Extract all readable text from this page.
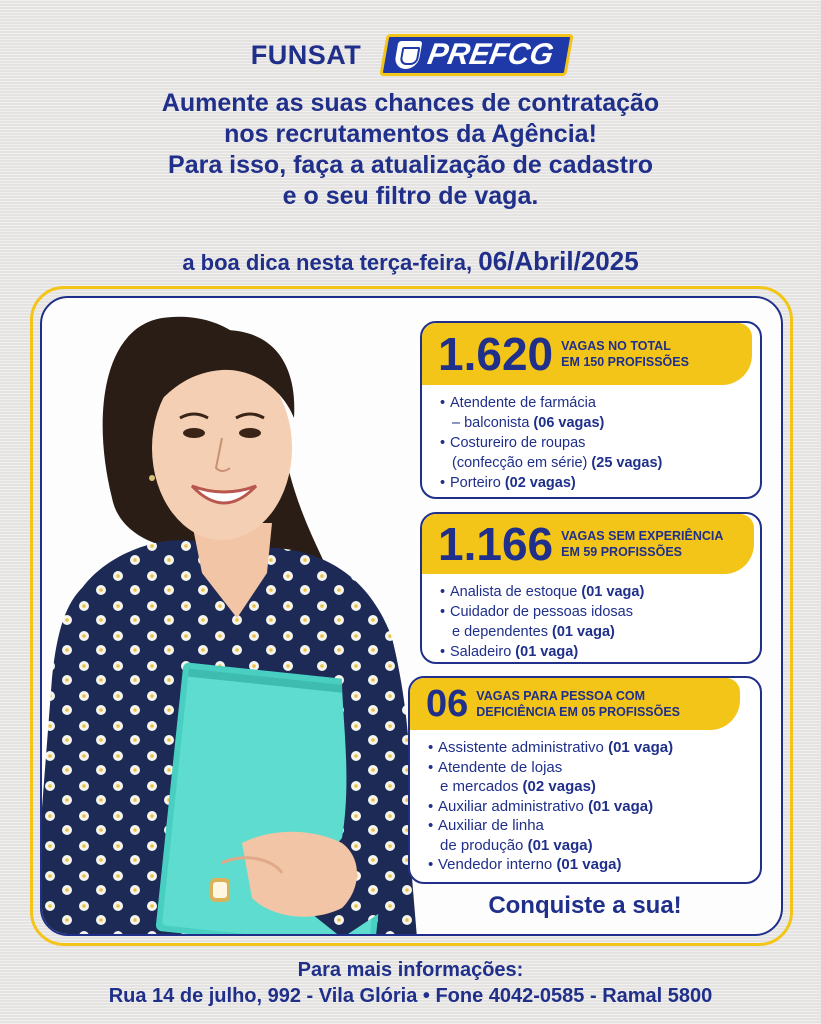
FUNSAT PREFCG
Aumente as suas chances de contratação
nos recrutamentos da Agência!
Para isso, faça a atualização de cadastro
e o seu filtro de vaga.
a boa dica nesta terça-feira, 06/Abril/2025
1.620 VAGAS NO TOTAL
EM 150 PROFISSÕES
• Atendente de farmácia
– balconista (06 vagas)
• Costureiro de roupas
(confecção em série) (25 vagas)
• Porteiro (02 vagas)
1.166 VAGAS SEM EXPERIÊNCIA
EM 59 PROFISSÕES
• Analista de estoque (01 vaga)
• Cuidador de pessoas idosas
e dependentes (01 vaga)
• Saladeiro (01 vaga)
06 VAGAS PARA PESSOA COM
DEFICIÊNCIA EM 05 PROFISSÕES
• Assistente administrativo (01 vaga)
• Atendente de lojas
e mercados (02 vagas)
• Auxiliar administrativo (01 vaga)
• Auxiliar de linha
de produção (01 vaga)
• Vendedor interno (01 vaga)
Conquiste a sua!
Para mais informações:
Rua 14 de julho, 992 - Vila Glória • Fone 4042-0585 - Ramal 5800
